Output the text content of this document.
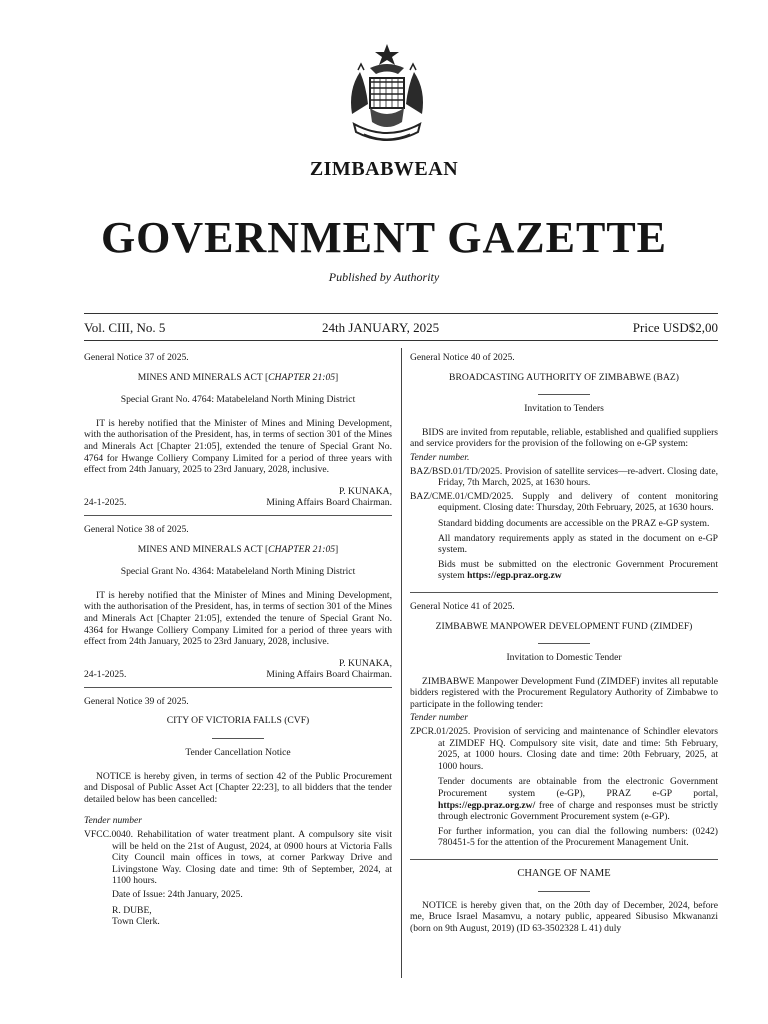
ZIMBABWEAN
GOVERNMENT GAZETTE
Published by Authority
Vol. CIII, No. 5	24th JANUARY, 2025	Price USD$2,00

General Notice 37 of 2025.

MINES AND MINERALS ACT [CHAPTER 21:05]

Special Grant No. 4764: Matabeleland North Mining District

IT is hereby notified that the Minister of Mines and Mining Development, with the authorisation of the President, has, in terms of section 301 of the Mines and Minerals Act [Chapter 21:05], extended the tenure of Special Grant No. 4764 for Hwange Colliery Company Limited for a period of three years with effect from 24th January, 2025 to 23rd January, 2028, inclusive.

P. KUNAKA,

24-1-2025.	Mining Affairs Board Chairman.

General Notice 38 of 2025.

MINES AND MINERALS ACT [CHAPTER 21:05]

Special Grant No. 4364: Matabeleland North Mining District

IT is hereby notified that the Minister of Mines and Mining Development, with the authorisation of the President, has, in terms of section 301 of the Mines and Minerals Act [Chapter 21:05], extended the tenure of Special Grant No. 4364 for Hwange Colliery Company Limited for a period of three years with effect from 24th January, 2025 to 23rd January, 2028, inclusive.

P. KUNAKA,

24-1-2025.	Mining Affairs Board Chairman.

General Notice 39 of 2025.

CITY OF VICTORIA FALLS (CVF)

Tender Cancellation Notice

NOTICE is hereby given, in terms of section 42 of the Public Procurement and Disposal of Public Asset Act [Chapter 22:23], to all bidders that the tender detailed below has been cancelled:

Tender number

VFCC.0040. Rehabilitation of water treatment plant. A compulsory site visit will be held on the 21st of August, 2024, at 0900 hours at Victoria Falls City Council main offices in tows, at corner Parkway Drive and Livingstone Way. Closing date and time: 9th of September, 2024, at 1100 hours.

Date of Issue: 24th January, 2025.

R. DUBE,

Town Clerk.

General Notice 40 of 2025.

BROADCASTING AUTHORITY OF ZIMBABWE (BAZ)

Invitation to Tenders

BIDS are invited from reputable, reliable, established and qualified suppliers and service providers for the provision of the following on e-GP system:

Tender number.

BAZ/BSD.01/TD/2025. Provision of satellite services—re-advert. Closing date, Friday, 7th March, 2025, at 1630 hours.

BAZ/CME.01/CMD/2025. Supply and delivery of content monitoring equipment. Closing date: Thursday, 20th February, 2025, at 1630 hours.

Standard bidding documents are accessible on the PRAZ e-GP system.

All mandatory requirements apply as stated in the document on e-GP system.

Bids must be submitted on the electronic Government Procurement system https://egp.praz.org.zw

General Notice 41 of 2025.

ZIMBABWE MANPOWER DEVELOPMENT FUND (ZIMDEF)

Invitation to Domestic Tender

ZIMBABWE Manpower Development Fund (ZIMDEF) invites all reputable bidders registered with the Procurement Regulatory Authority of Zimbabwe to participate in the following tender:

Tender number

ZPCR.01/2025. Provision of servicing and maintenance of Schindler elevators at ZIMDEF HQ. Compulsory site visit, date and time: 5th February, 2025, at 1000 hours. Closing date and time: 20th February, 2025, at 1000 hours.

Tender documents are obtainable from the electronic Government Procurement system (e-GP), PRAZ e-GP portal, https://egp.praz.org.zw/ free of charge and responses must be strictly through electronic Government Procurement system (e-GP).

For further information, you can dial the following numbers: (0242) 780451-5 for the attention of the Procurement Management Unit.

CHANGE OF NAME

NOTICE is hereby given that, on the 20th day of December, 2024, before me, Bruce Israel Masamvu, a notary public, appeared Sibusiso Mkwananzi (born on 9th August, 2019) (ID 63-3502328 L 41) duly
